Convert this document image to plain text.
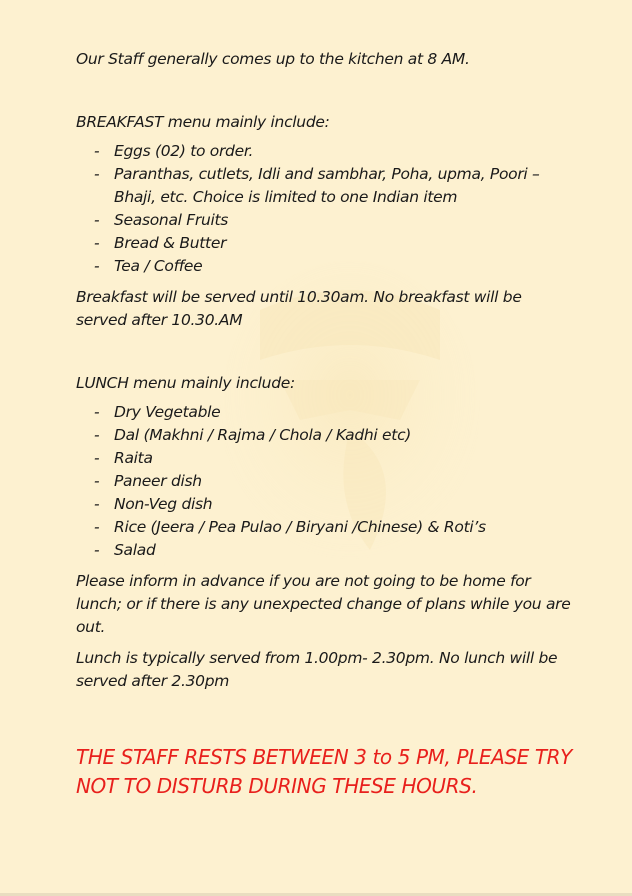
Our Staff generally comes up to the kitchen at 8 AM.

BREAKFAST menu mainly include:

- Eggs (02) to order.
- Paranthas, cutlets, Idli and sambhar, Poha, upma, Poori – Bhaji, etc. Choice is limited to one Indian item
- Seasonal Fruits
- Bread & Butter
- Tea / Coffee

Breakfast will be served until 10.30am. No breakfast will be served after 10.30.AM

LUNCH menu mainly include:

- Dry Vegetable
- Dal (Makhni / Rajma / Chola / Kadhi etc)
- Raita
- Paneer dish
- Non-Veg dish
- Rice (Jeera / Pea Pulao / Biryani /Chinese) & Roti’s
- Salad

Please inform in advance if you are not going to be home for lunch; or if there is any unexpected change of plans while you are out.

Lunch is typically served from 1.00pm- 2.30pm. No lunch will be served after 2.30pm

THE STAFF RESTS BETWEEN 3 to 5 PM, PLEASE TRY NOT TO DISTURB DURING THESE HOURS.
